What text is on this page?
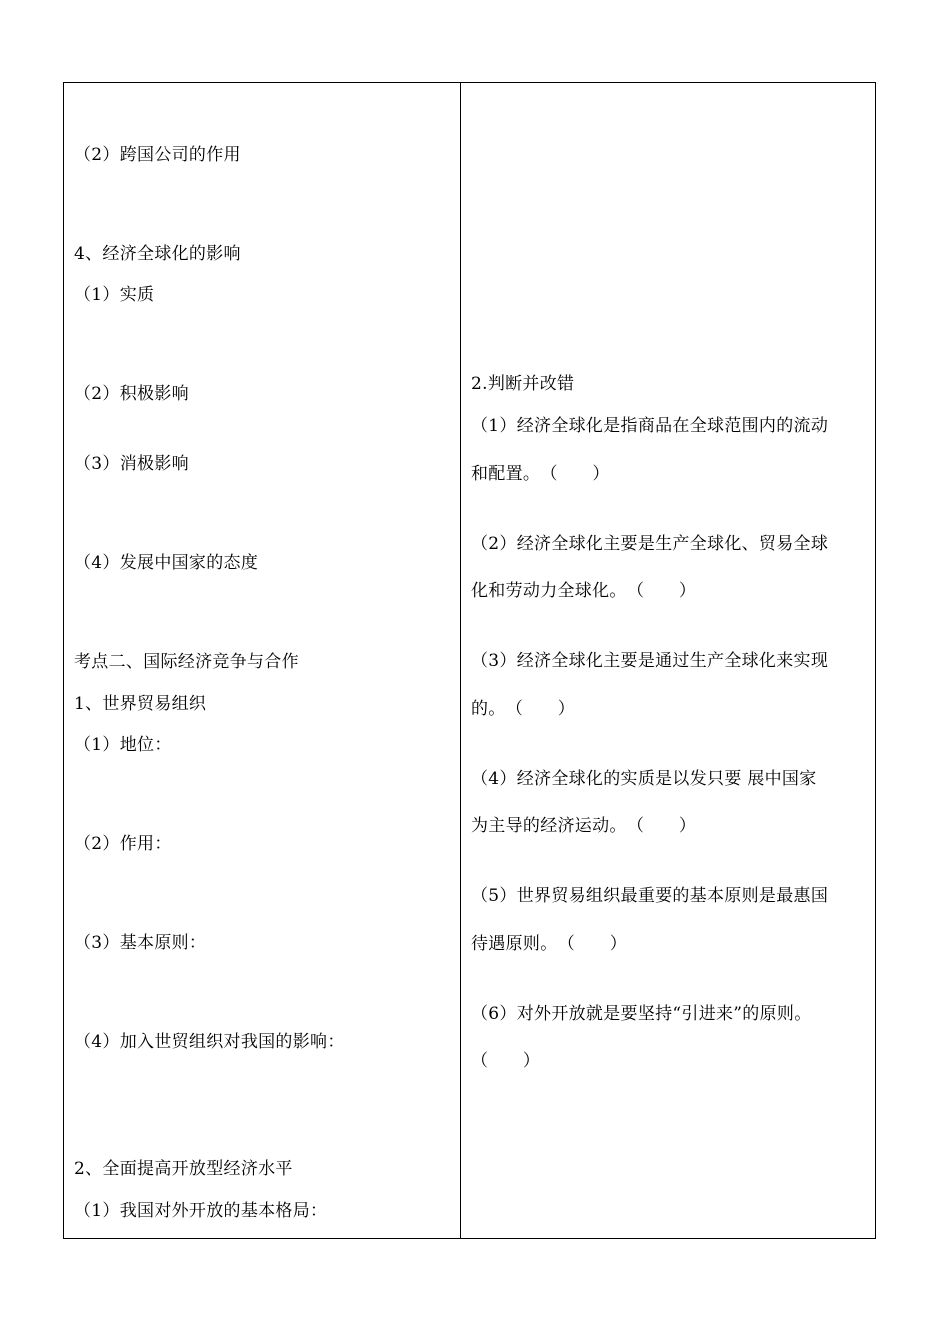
（2）跨国公司的作用
4、经济全球化的影响
（1）实质
（2）积极影响
（3）消极影响
（4）发展中国家的态度
考点二、国际经济竞争与合作
1、世界贸易组织
（1）地位：
（2）作用：
（3）基本原则：
（4）加入世贸组织对我国的影响：
2、全面提高开放型经济水平
（1）我国对外开放的基本格局：
2.判断并改错
（1）经济全球化是指商品在全球范围内的流动
和配置。　（　　）
（2）经济全球化主要是生产全球化、贸易全球
化和劳动力全球化。　（　　）
（3）经济全球化主要是通过生产全球化来实现
的。　（　　）
（4）经济全球化的实质是以发只要 展中国家
为主导的经济运动。　（　　）
（5）世界贸易组织最重要的基本原则是最惠国
待遇原则。　（　　）
（6）对外开放就是要坚持“引进来”的原则。
（　　）
